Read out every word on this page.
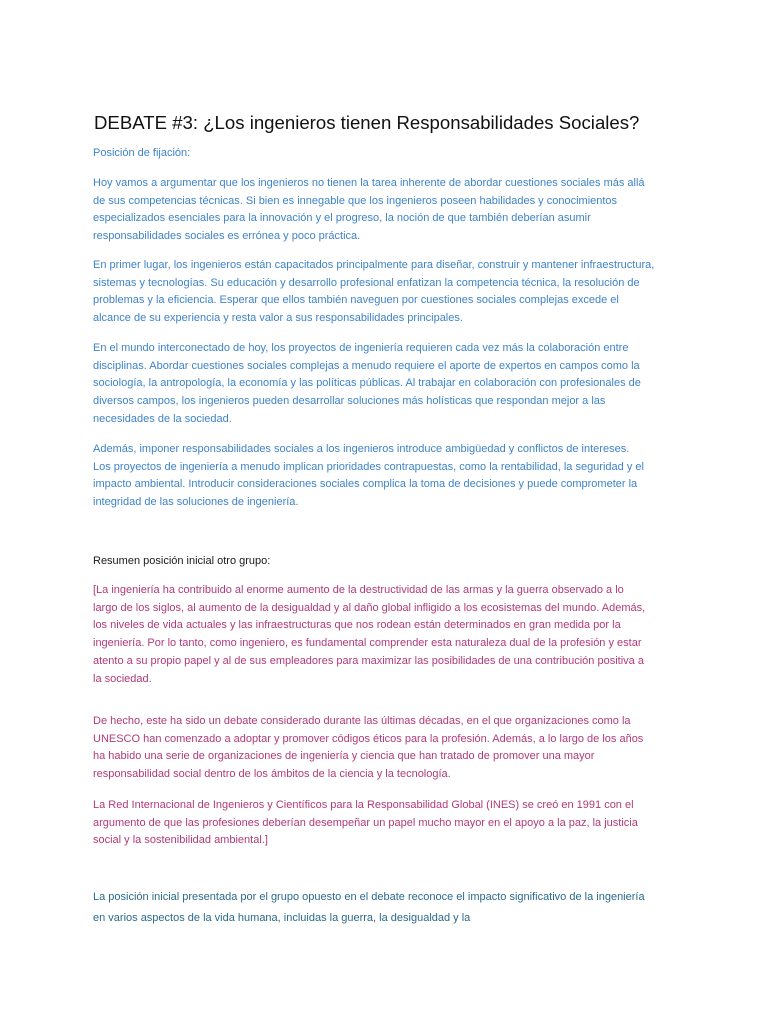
DEBATE #3: ¿Los ingenieros tienen Responsabilidades Sociales?

Posición de fijación:

Hoy vamos a argumentar que los ingenieros no tienen la tarea inherente de abordar cuestiones sociales más allá
de sus competencias técnicas. Si bien es innegable que los ingenieros poseen habilidades y conocimientos
especializados esenciales para la innovación y el progreso, la noción de que también deberían asumir
responsabilidades sociales es errónea y poco práctica.

En primer lugar, los ingenieros están capacitados principalmente para diseñar, construir y mantener infraestructura,
sistemas y tecnologías. Su educación y desarrollo profesional enfatizan la competencia técnica, la resolución de
problemas y la eficiencia. Esperar que ellos también naveguen por cuestiones sociales complejas excede el
alcance de su experiencia y resta valor a sus responsabilidades principales.

En el mundo interconectado de hoy, los proyectos de ingeniería requieren cada vez más la colaboración entre
disciplinas. Abordar cuestiones sociales complejas a menudo requiere el aporte de expertos en campos como la
sociología, la antropología, la economía y las políticas públicas. Al trabajar en colaboración con profesionales de
diversos campos, los ingenieros pueden desarrollar soluciones más holísticas que respondan mejor a las
necesidades de la sociedad.

Además, imponer responsabilidades sociales a los ingenieros introduce ambigüedad y conflictos de intereses.
Los proyectos de ingeniería a menudo implican prioridades contrapuestas, como la rentabilidad, la seguridad y el
impacto ambiental. Introducir consideraciones sociales complica la toma de decisiones y puede comprometer la
integridad de las soluciones de ingeniería.

Resumen posición inicial otro grupo:

[La ingeniería ha contribuido al enorme aumento de la destructividad de las armas y la guerra observado a lo
largo de los siglos, al aumento de la desigualdad y al daño global infligido a los ecosistemas del mundo. Además,
los niveles de vida actuales y las infraestructuras que nos rodean están determinados en gran medida por la
ingeniería. Por lo tanto, como ingeniero, es fundamental comprender esta naturaleza dual de la profesión y estar
atento a su propio papel y al de sus empleadores para maximizar las posibilidades de una contribución positiva a
la sociedad.

De hecho, este ha sido un debate considerado durante las últimas décadas, en el que organizaciones como la
UNESCO han comenzado a adoptar y promover códigos éticos para la profesión. Además, a lo largo de los años
ha habido una serie de organizaciones de ingeniería y ciencia que han tratado de promover una mayor
responsabilidad social dentro de los ámbitos de la ciencia y la tecnología.

La Red Internacional de Ingenieros y Científicos para la Responsabilidad Global (INES) se creó en 1991 con el
argumento de que las profesiones deberían desempeñar un papel mucho mayor en el apoyo a la paz, la justicia
social y la sostenibilidad ambiental.]

La posición inicial presentada por el grupo opuesto en el debate reconoce el impacto significativo de la ingeniería
en varios aspectos de la vida humana, incluidas la guerra, la desigualdad y la
